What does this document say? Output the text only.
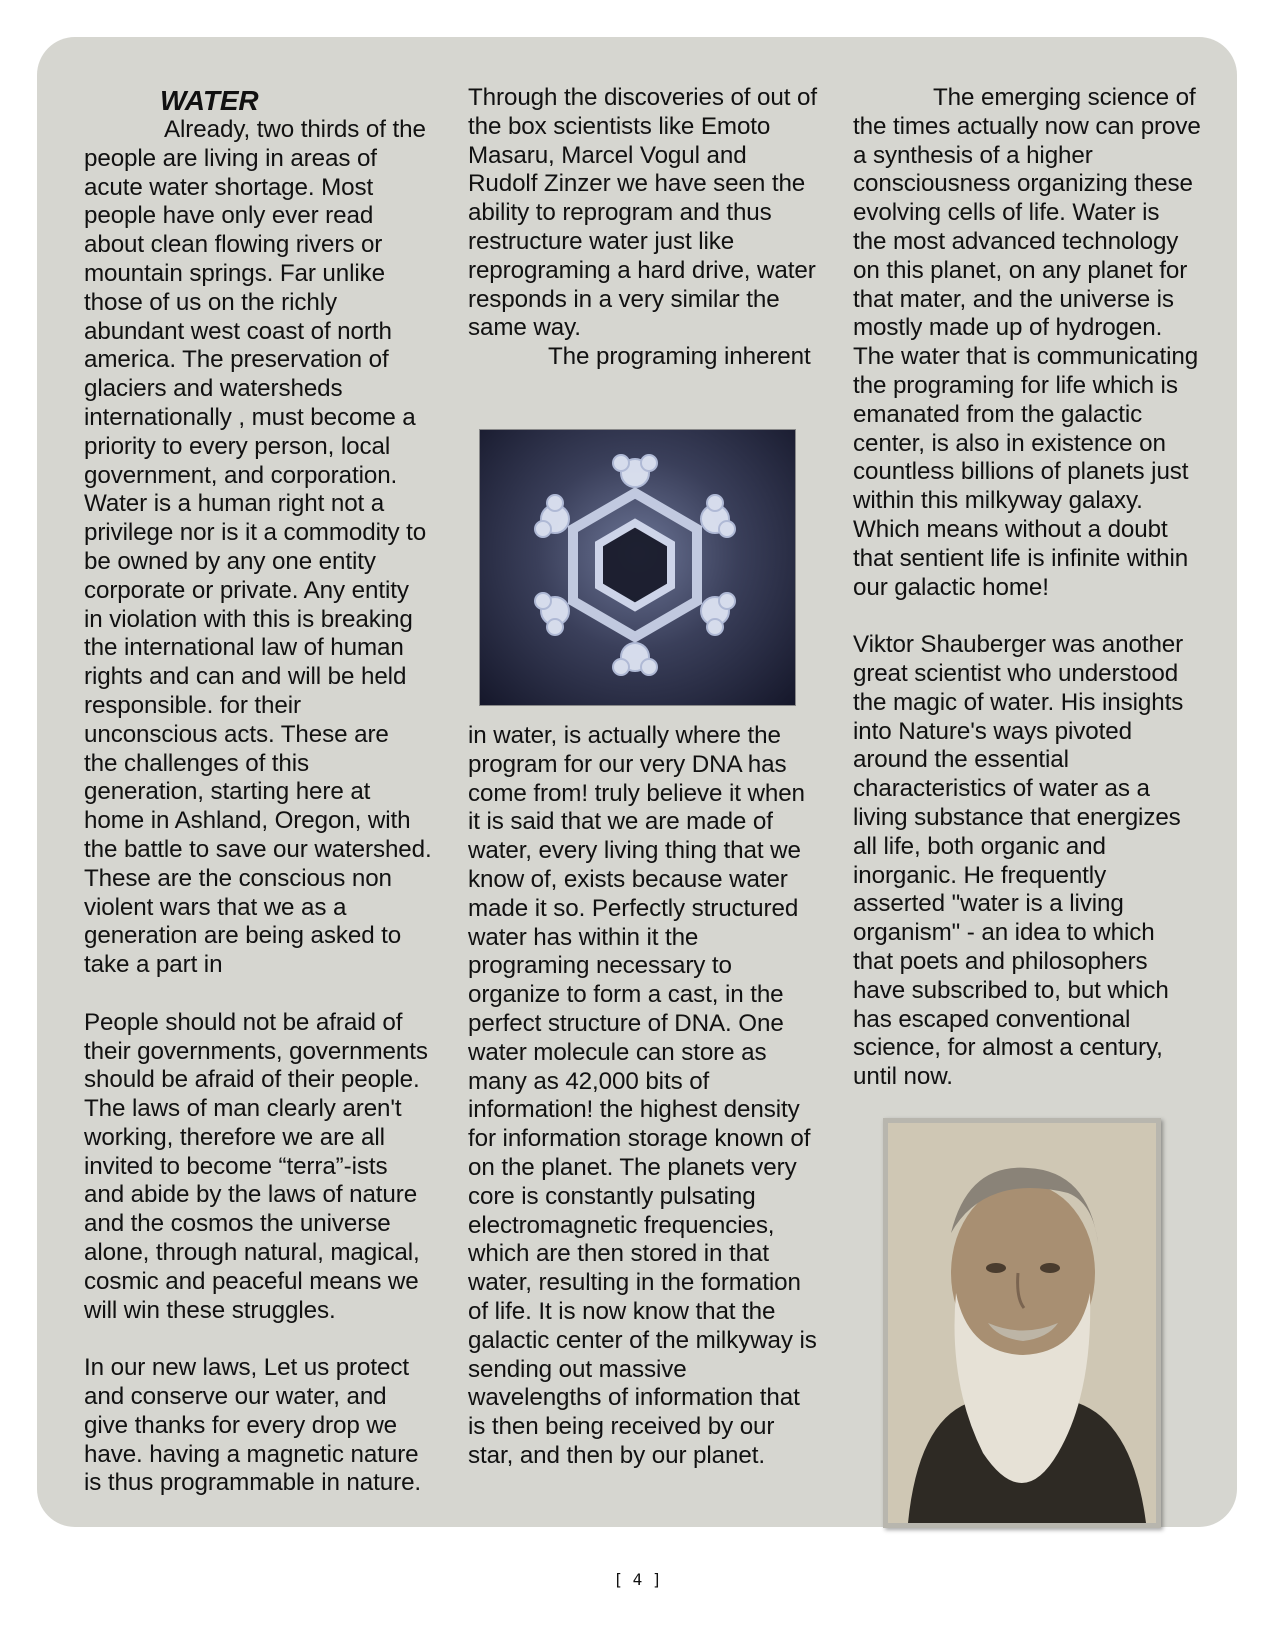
WATER

Already, two thirds of the

people are living in areas of

acute water shortage. Most

people have only ever read

about clean flowing rivers or

mountain springs. Far unlike

those of us on the richly

abundant west coast of north

america. The preservation of

glaciers and watersheds

internationally , must become a

priority to every person, local

government, and corporation.

Water is a human right not a

privilege nor is it a commodity to

be owned by any one entity

corporate or private. Any entity

in violation with this is breaking

the international law of human

rights and can and will be held

responsible. for their

unconscious acts. These are

the challenges of this

generation, starting here at

home in Ashland, Oregon, with

the battle to save our watershed.

These are the conscious non

violent wars that we as a

generation are being asked to

take a part in

People should not be afraid of

their governments, governments

should be afraid of their people.

The laws of man clearly aren't

working, therefore we are all

invited to become “terra”-ists

and abide by the laws of nature

and the cosmos the universe

alone, through natural, magical,

cosmic and peaceful means we

will win these struggles.

In our new laws, Let us protect

and conserve our water, and

give thanks for every drop we

have. having a magnetic nature

is thus programmable in nature.

Through the discoveries of out of

the box scientists like Emoto

Masaru, Marcel Vogul and

Rudolf Zinzer we have seen the

ability to reprogram and thus

restructure water just like

reprograming a hard drive, water

responds in a very similar the

same way.

The programing inherent

in water, is actually where the

program for our very DNA has

come from! truly believe it when

it is said that we are made of

water, every living thing that we

know of, exists because water

made it so. Perfectly structured

water has within it the

programing necessary to

organize to form a cast, in the

perfect structure of DNA. One

water molecule can store as

many as 42,000 bits of

information! the highest density

for information storage known of

on the planet. The planets very

core is constantly pulsating

electromagnetic frequencies,

which are then stored in that

water, resulting in the formation

of life. It is now know that the

galactic center of the milkyway is

sending out massive

wavelengths of information that

is then being received by our

star, and then by our planet.

The emerging science of

the times actually now can prove

a synthesis of a higher

consciousness organizing these

evolving cells of life. Water is

the most advanced technology

on this planet, on any planet for

that mater, and the universe is

mostly made up of hydrogen.

The water that is communicating

the programing for life which is

emanated from the galactic

center, is also in existence on

countless billions of planets just

within this milkyway galaxy.

Which means without a doubt

that sentient life is infinite within

our galactic home!

Viktor Shauberger was another

great scientist who understood

the magic of water. His insights

into Nature's ways pivoted

around the essential

characteristics of water as a

living substance that energizes

all life, both organic and

inorganic. He frequently

asserted "water is a living

organism" - an idea to which

that poets and philosophers

have subscribed to, but which

has escaped conventional

science, for almost a century,

until now.

[ 4 ]
